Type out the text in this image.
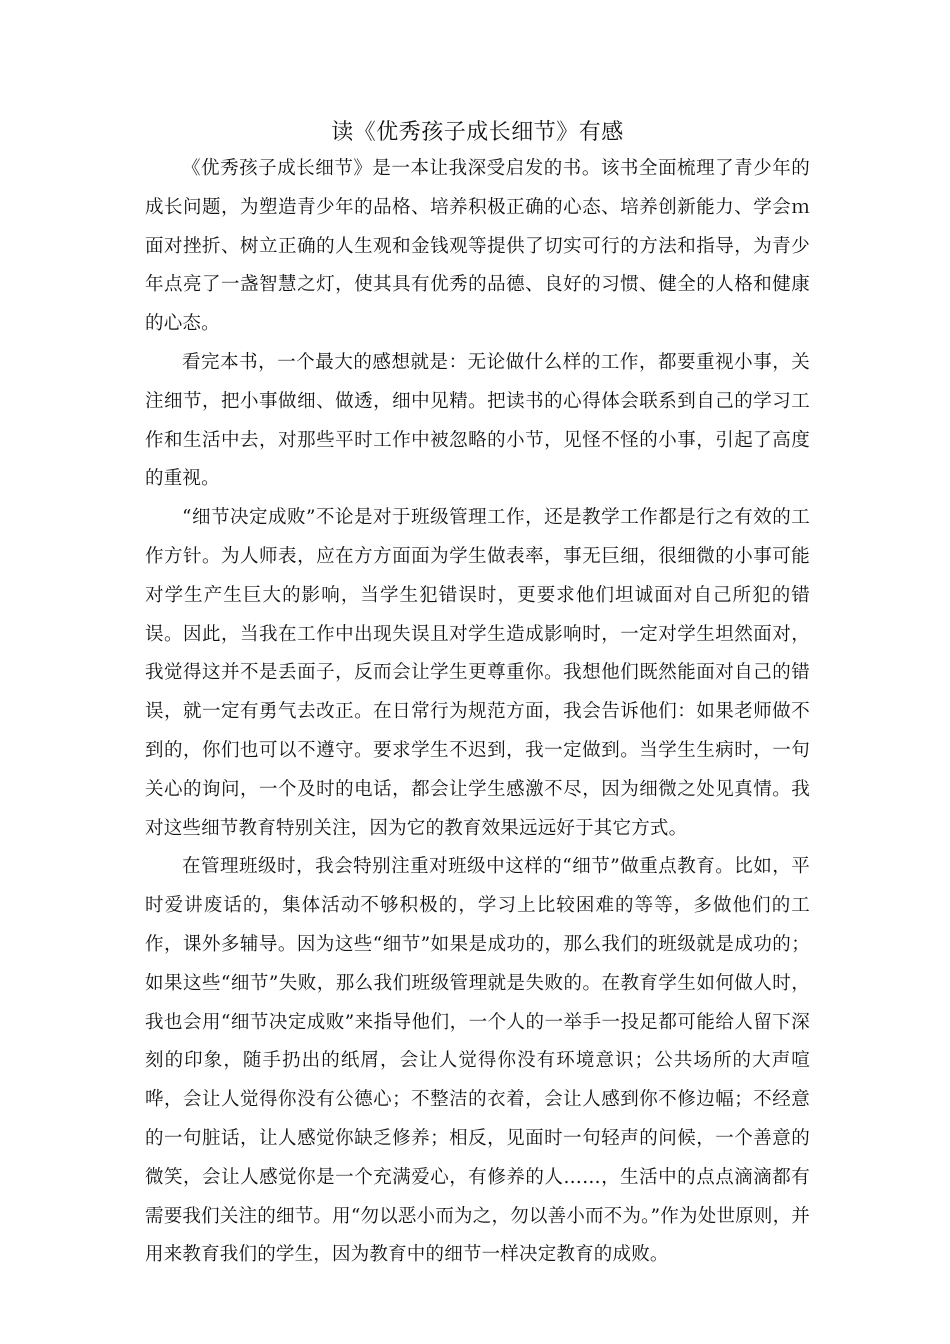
读《优秀孩子成长细节》有感

《优秀孩子成长细节》是一本让我深受启发的书。该书全面梳理了青少年的成长问题，为塑造青少年的品格、培养积极正确的心态、培养创新能力、学会ｍ面对挫折、树立正确的人生观和金钱观等提供了切实可行的方法和指导，为青少年点亮了一盏智慧之灯，使其具有优秀的品德、良好的习惯、健全的人格和健康的心态。

看完本书，一个最大的感想就是：无论做什么样的工作，都要重视小事，关注细节，把小事做细、做透，细中见精。把读书的心得体会联系到自己的学习工作和生活中去，对那些平时工作中被忽略的小节，见怪不怪的小事，引起了高度的重视。

“细节决定成败”不论是对于班级管理工作，还是教学工作都是行之有效的工作方针。为人师表，应在方方面面为学生做表率，事无巨细，很细微的小事可能对学生产生巨大的影响，当学生犯错误时，更要求他们坦诚面对自己所犯的错误。因此，当我在工作中出现失误且对学生造成影响时，一定对学生坦然面对，我觉得这并不是丢面子，反而会让学生更尊重你。我想他们既然能面对自己的错误，就一定有勇气去改正。在日常行为规范方面，我会告诉他们：如果老师做不到的，你们也可以不遵守。要求学生不迟到，我一定做到。当学生生病时，一句关心的询问，一个及时的电话，都会让学生感激不尽，因为细微之处见真情。我对这些细节教育特别关注，因为它的教育效果远远好于其它方式。

在管理班级时，我会特别注重对班级中这样的“细节”做重点教育。比如，平时爱讲废话的，集体活动不够积极的，学习上比较困难的等等，多做他们的工作，课外多辅导。因为这些“细节”如果是成功的，那么我们的班级就是成功的；如果这些“细节”失败，那么我们班级管理就是失败的。在教育学生如何做人时，我也会用“细节决定成败”来指导他们，一个人的一举手一投足都可能给人留下深刻的印象，随手扔出的纸屑，会让人觉得你没有环境意识；公共场所的大声喧哗，会让人觉得你没有公德心；不整洁的衣着，会让人感到你不修边幅；不经意的一句脏话，让人感觉你缺乏修养；相反，见面时一句轻声的问候，一个善意的微笑，会让人感觉你是一个充满爱心，有修养的人……，生活中的点点滴滴都有需要我们关注的细节。用“勿以恶小而为之，勿以善小而不为。”作为处世原则，并用来教育我们的学生，因为教育中的细节一样决定教育的成败。
